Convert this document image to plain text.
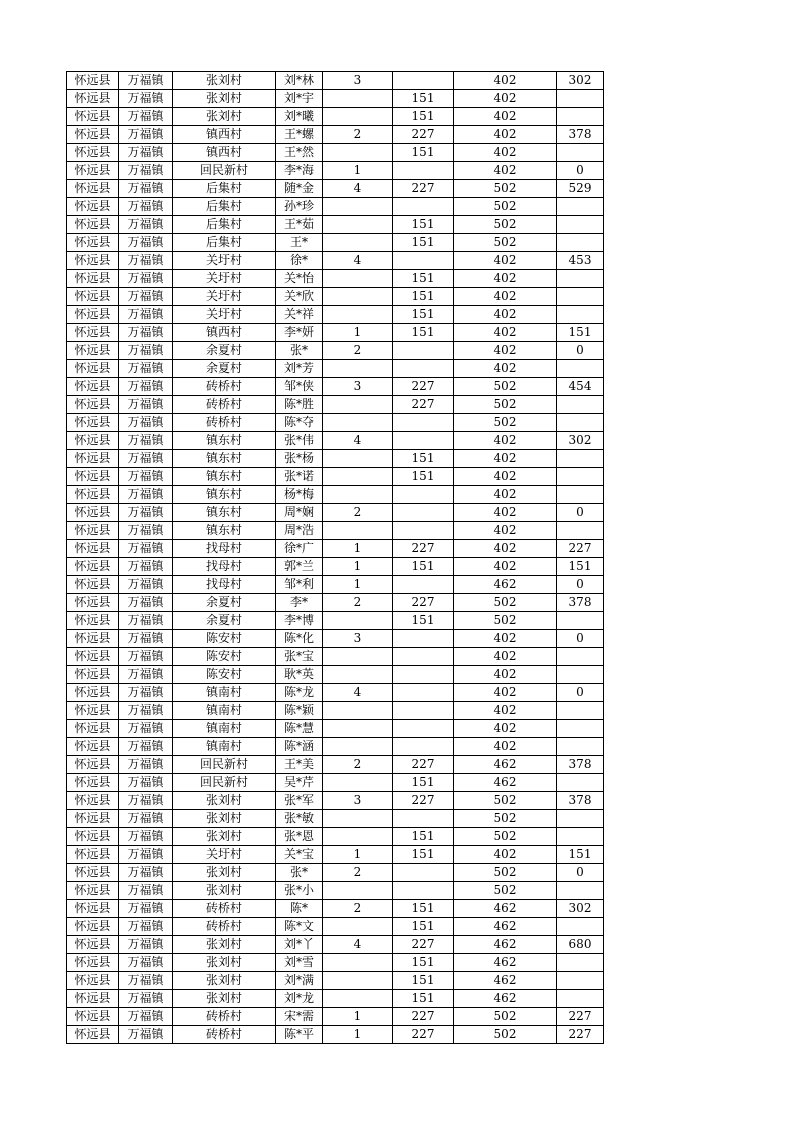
怀远县	万福镇	张刘村	刘*林	3		402	302
怀远县	万福镇	张刘村	刘*宇		151	402	
怀远县	万福镇	张刘村	刘*曦		151	402	
怀远县	万福镇	镇西村	王*螺	2	227	402	378
怀远县	万福镇	镇西村	王*然		151	402	
怀远县	万福镇	回民新村	李*海	1		402	0
怀远县	万福镇	后集村	随*金	4	227	502	529
怀远县	万福镇	后集村	孙*珍			502	
怀远县	万福镇	后集村	王*茹		151	502	
怀远县	万福镇	后集村	王*		151	502	
怀远县	万福镇	关圩村	徐*	4		402	453
怀远县	万福镇	关圩村	关*怡		151	402	
怀远县	万福镇	关圩村	关*欣		151	402	
怀远县	万福镇	关圩村	关*祥		151	402	
怀远县	万福镇	镇西村	李*妍	1	151	402	151
怀远县	万福镇	余夏村	张*	2		402	0
怀远县	万福镇	余夏村	刘*芳			402	
怀远县	万福镇	砖桥村	邹*侠	3	227	502	454
怀远县	万福镇	砖桥村	陈*胜		227	502	
怀远县	万福镇	砖桥村	陈*夺			502	
怀远县	万福镇	镇东村	张*伟	4		402	302
怀远县	万福镇	镇东村	张*杨		151	402	
怀远县	万福镇	镇东村	张*诺		151	402	
怀远县	万福镇	镇东村	杨*梅			402	
怀远县	万福镇	镇东村	周*娴	2		402	0
怀远县	万福镇	镇东村	周*浩			402	
怀远县	万福镇	找母村	徐*广	1	227	402	227
怀远县	万福镇	找母村	郭*兰	1	151	402	151
怀远县	万福镇	找母村	邹*利	1		462	0
怀远县	万福镇	余夏村	李*	2	227	502	378
怀远县	万福镇	余夏村	李*博		151	502	
怀远县	万福镇	陈安村	陈*化	3		402	0
怀远县	万福镇	陈安村	张*宝			402	
怀远县	万福镇	陈安村	耿*英			402	
怀远县	万福镇	镇南村	陈*龙	4		402	0
怀远县	万福镇	镇南村	陈*颖			402	
怀远县	万福镇	镇南村	陈*慧			402	
怀远县	万福镇	镇南村	陈*涵			402	
怀远县	万福镇	回民新村	王*美	2	227	462	378
怀远县	万福镇	回民新村	吴*芹		151	462	
怀远县	万福镇	张刘村	张*军	3	227	502	378
怀远县	万福镇	张刘村	张*敏			502	
怀远县	万福镇	张刘村	张*恩		151	502	
怀远县	万福镇	关圩村	关*宝	1	151	402	151
怀远县	万福镇	张刘村	张*	2		502	0
怀远县	万福镇	张刘村	张*小			502	
怀远县	万福镇	砖桥村	陈*	2	151	462	302
怀远县	万福镇	砖桥村	陈*文		151	462	
怀远县	万福镇	张刘村	刘*丫	4	227	462	680
怀远县	万福镇	张刘村	刘*雪		151	462	
怀远县	万福镇	张刘村	刘*满		151	462	
怀远县	万福镇	张刘村	刘*龙		151	462	
怀远县	万福镇	砖桥村	宋*需	1	227	502	227
怀远县	万福镇	砖桥村	陈*平	1	227	502	227
